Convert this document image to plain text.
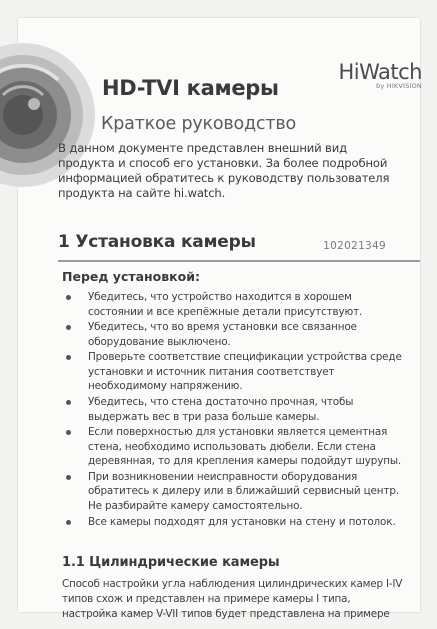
HiWatch
by HIKVISION
HD-TVI камеры
Краткое руководство
В данном документе представлен внешний вид
продукта и способ его установки. За более подробной
информацией обратитесь к руководству пользователя
продукта на сайте hi.watch.
1 Установка камеры	102021349
Перед установкой:
Убедитесь, что устройство находится в хорошем
состоянии и все крепёжные детали присутствуют.
Убедитесь, что во время установки все связанное
оборудование выключено.
Проверьте соответствие спецификации устройства среде
установки и источник питания соответствует
необходимому напряжению.
Убедитесь, что стена достаточно прочная, чтобы
выдержать вес в три раза больше камеры.
Если поверхностью для установки является цементная
стена, необходимо использовать дюбели. Если стена
деревянная, то для крепления камеры подойдут шурупы.
При возникновении неисправности оборудования
обратитесь к дилеру или в ближайший сервисный центр.
Не разбирайте камеру самостоятельно.
Все камеры подходят для установки на стену и потолок.
1.1 Цилиндрические камеры
Способ настройки угла наблюдения цилиндрических камер I-IV
типов схож и представлен на примере камеры I типа,
настройка камер V-VII типов будет представлена на примере
